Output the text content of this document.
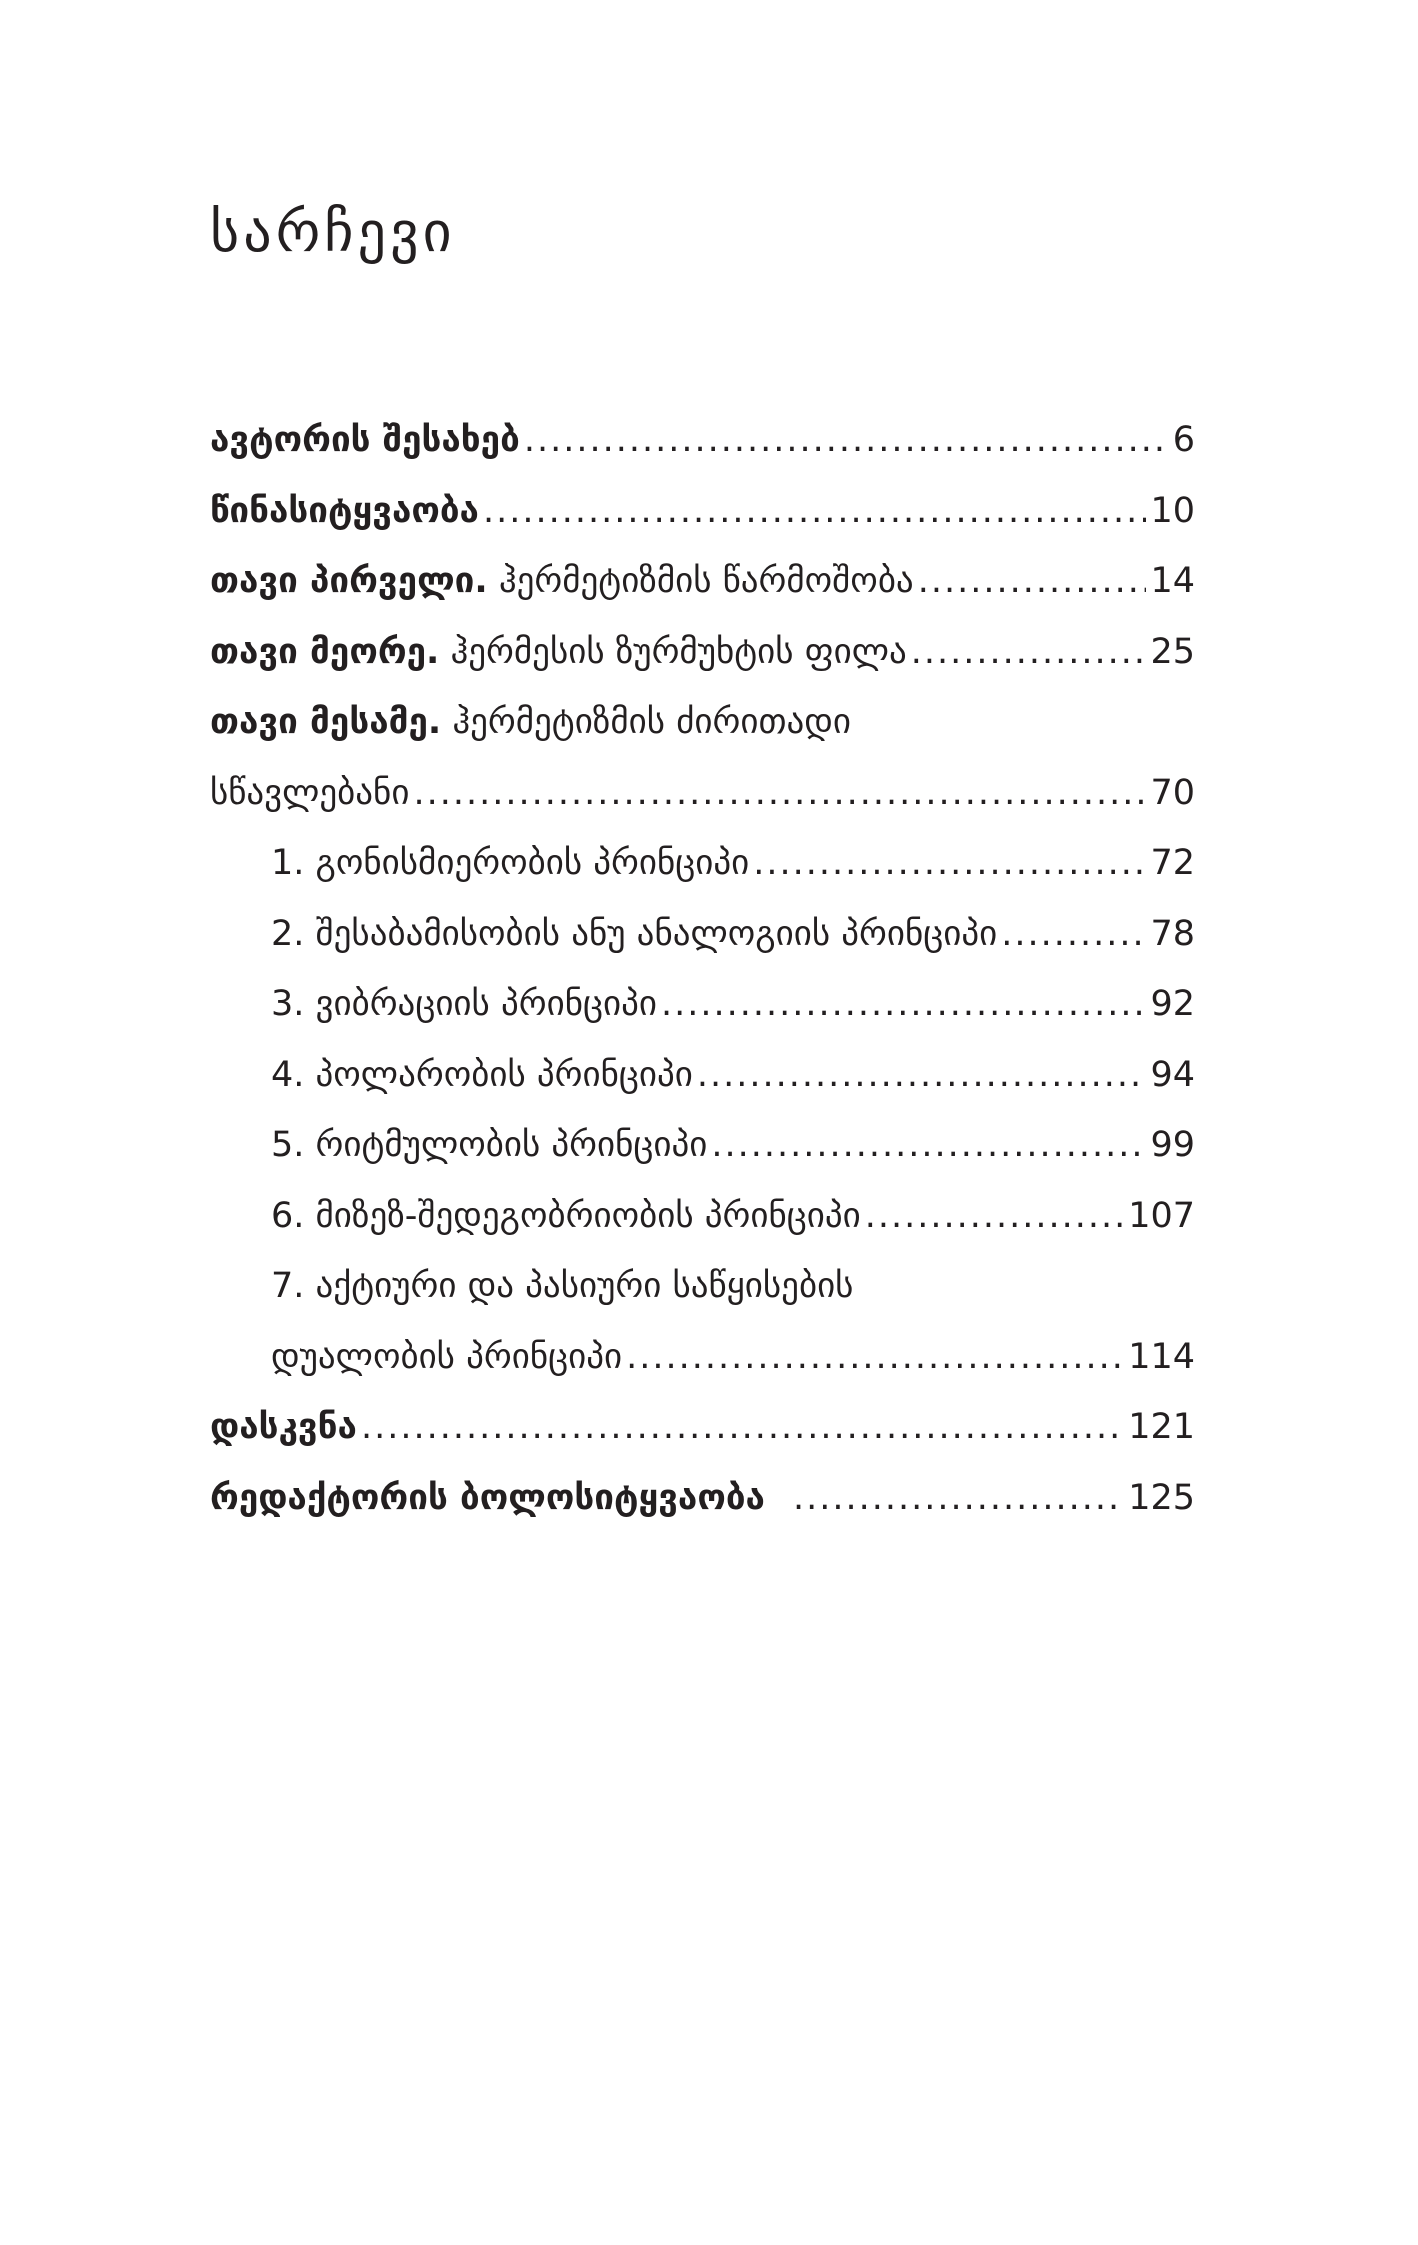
სარჩევი
ავტორის შესახებ .....	6
წინასიტყვაობა .....	10
თავი პირველი. ჰერმეტიზმის წარმოშობა .....	14
თავი მეორე. ჰერმესის ზურმუხტის ფილა .....	25
თავი მესამე. ჰერმეტიზმის ძირითადი
სწავლებანი .....	70
1. გონისმიერობის პრინციპი .....	72
2. შესაბამისობის ანუ ანალოგიის პრინციპი .....	78
3. ვიბრაციის პრინციპი .....	92
4. პოლარობის პრინციპი .....	94
5. რიტმულობის პრინციპი .....	99
6. მიზეზ-შედეგობრიობის პრინციპი .....	107
7. აქტიური და პასიური საწყისების
დუალობის პრინციპი .....	114
დასკვნა .....	121
რედაქტორის ბოლოსიტყვაობა .....	125
